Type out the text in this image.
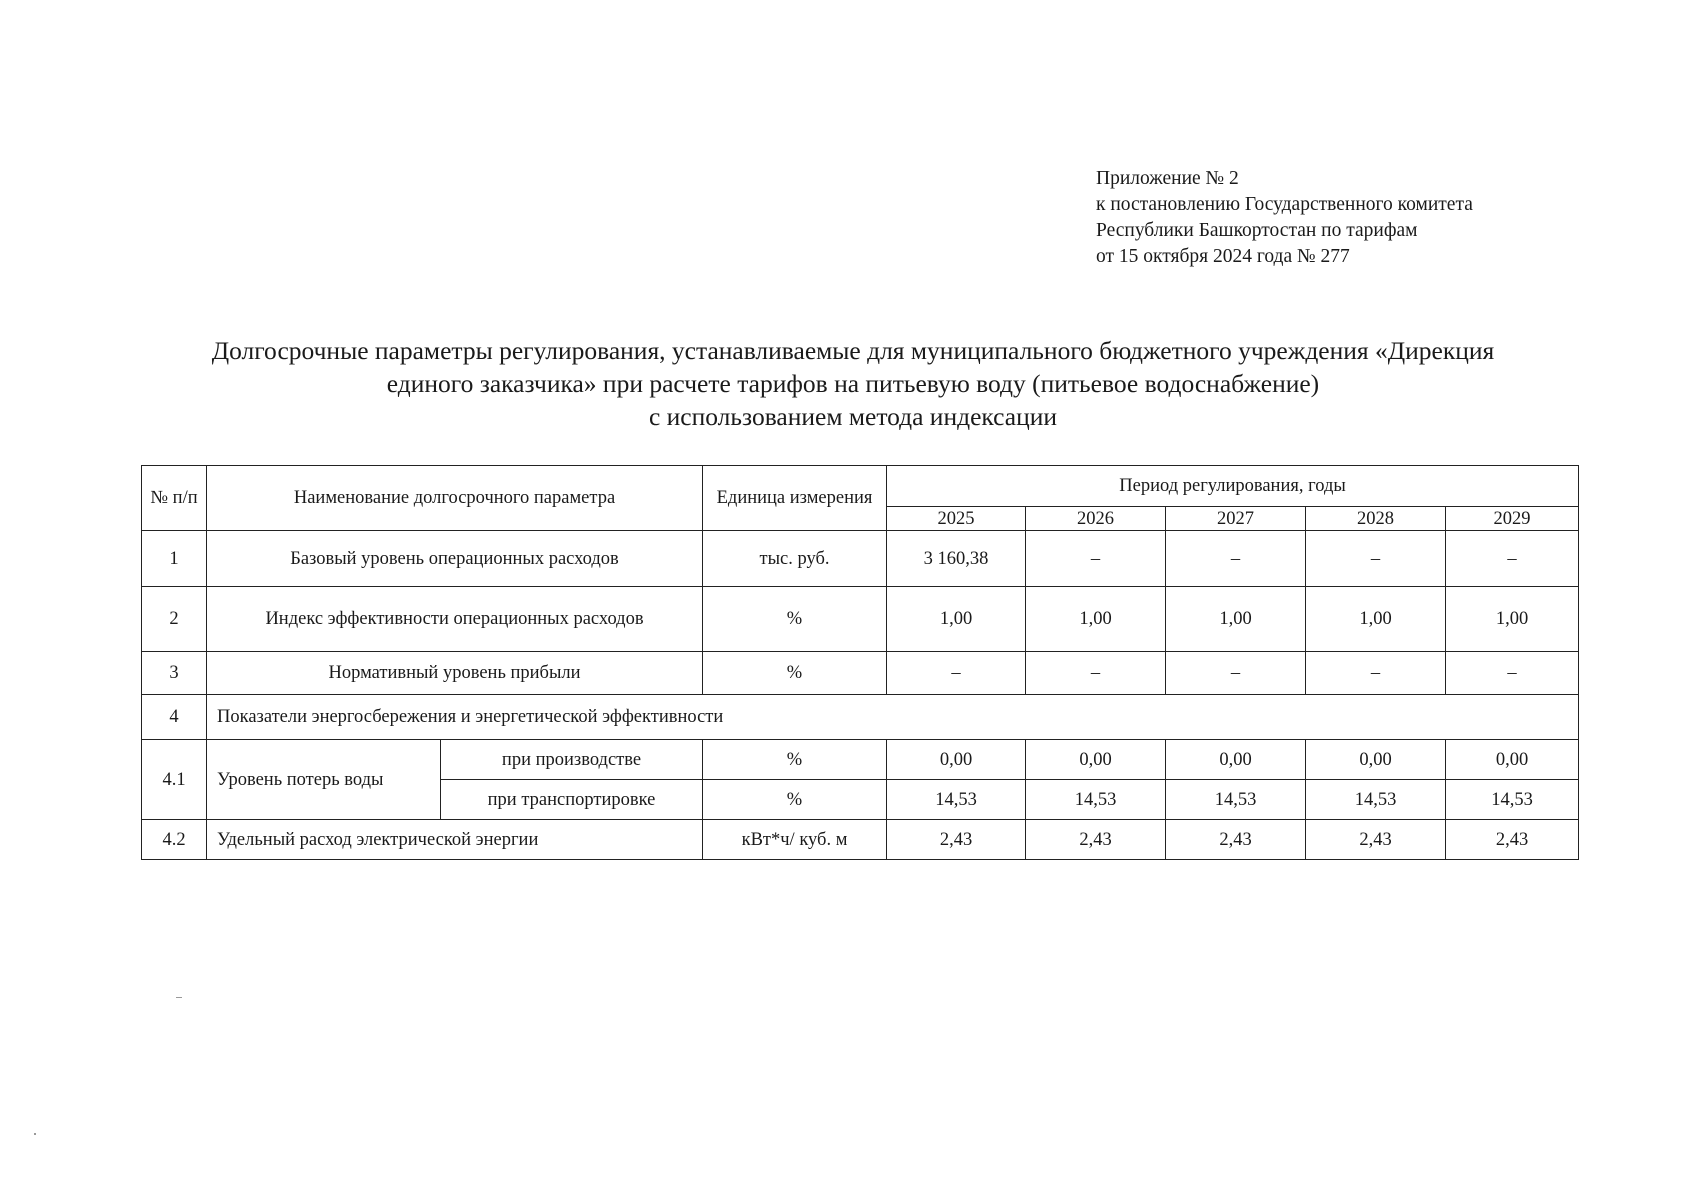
Приложение № 2
к постановлению Государственного комитета
Республики Башкортостан по тарифам
от 15 октября 2024 года № 277
Долгосрочные параметры регулирования, устанавливаемые для муниципального бюджетного учреждения «Дирекция
единого заказчика» при расчете тарифов на питьевую воду (питьевое водоснабжение)
с использованием метода индексации
№ п/п	Наименование долгосрочного параметра		Единица измерения	Период регулирования, годы				
				2025	2026	2027	2028	2029
1	Базовый уровень операционных расходов		тыс. руб.	3 160,38	–	–	–	–
2	Индекс эффективности операционных расходов		%	1,00	1,00	1,00	1,00	1,00
3	Нормативный уровень прибыли		%	–	–	–	–	–
4	Показатели энергосбережения и энергетической эффективности							
4.1	Уровень потерь воды	при производстве	%	0,00	0,00	0,00	0,00	0,00
		при транспортировке	%	14,53	14,53	14,53	14,53	14,53
4.2	Удельный расход электрической энергии		кВт*ч/ куб. м	2,43	2,43	2,43	2,43	2,43
